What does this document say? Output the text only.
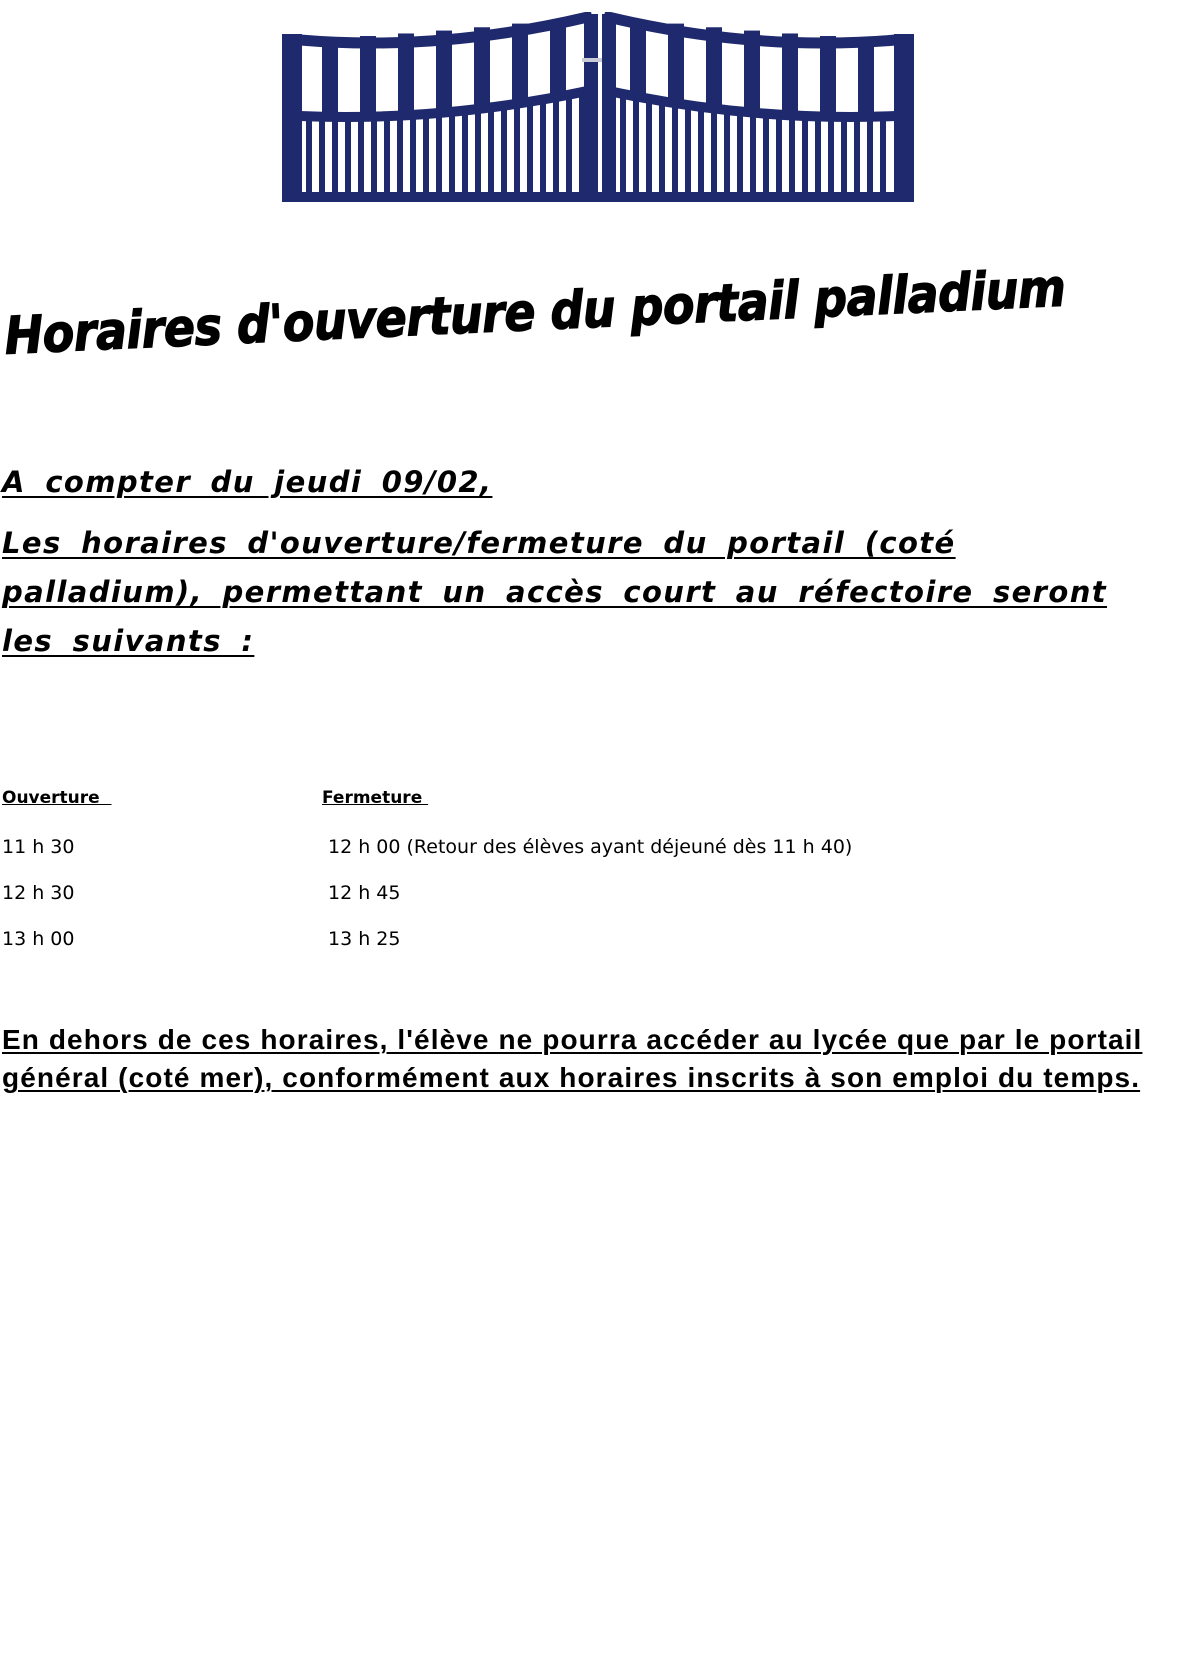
Horaires d'ouverture du portail palladium

A compter du jeudi 09/02,

Les horaires d'ouverture/fermeture du portail (coté palladium), permettant un accès court au réfectoire seront les suivants :

Ouverture	Fermeture
11 h 30	12 h 00 (Retour des élèves ayant déjeuné dès 11 h 40)
12 h 30	12 h 45
13 h 00	13 h 25

En dehors de ces horaires, l'élève ne pourra accéder au lycée que par le portail général (coté mer), conformément aux horaires inscrits à son emploi du temps.
